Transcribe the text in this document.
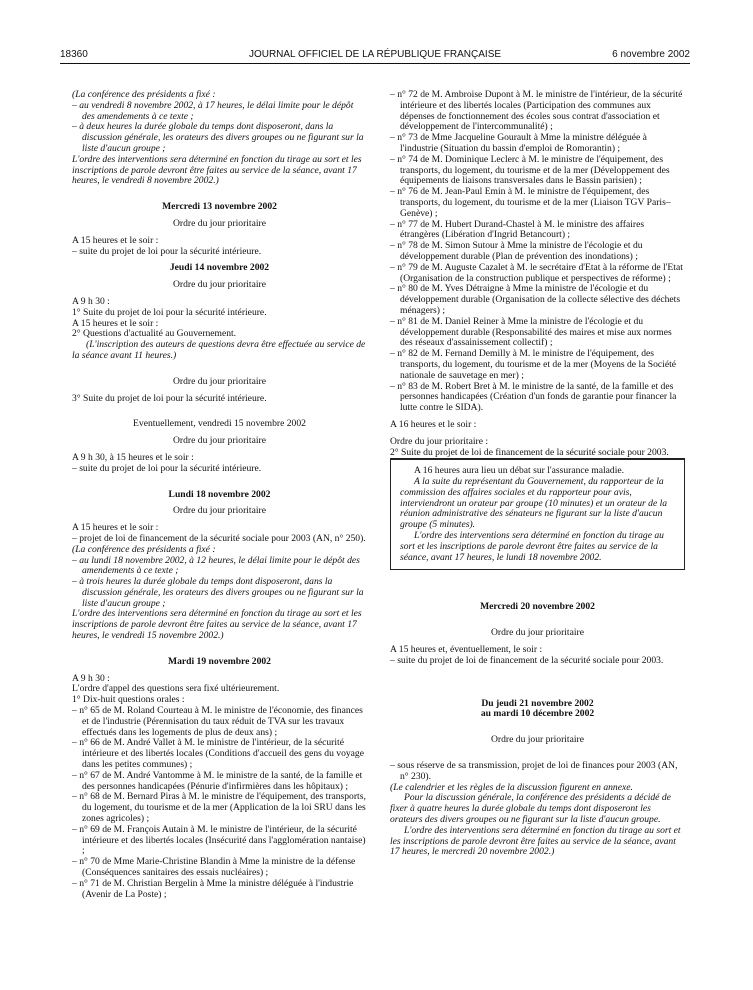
18360	JOURNAL OFFICIEL DE LA RÉPUBLIQUE FRANÇAISE	6 novembre 2002
(La conférence des présidents a fixé :
– au vendredi 8 novembre 2002, à 17 heures, le délai limite pour le dépôt des amendements à ce texte ;
– à deux heures la durée globale du temps dont disposeront, dans la discussion générale, les orateurs des divers groupes ou ne figurant sur la liste d'aucun groupe ;
L'ordre des interventions sera déterminé en fonction du tirage au sort et les inscriptions de parole devront être faites au service de la séance, avant 17 heures, le vendredi 8 novembre 2002.)
Mercredi 13 novembre 2002
Ordre du jour prioritaire
A 15 heures et le soir :
– suite du projet de loi pour la sécurité intérieure.
Jeudi 14 novembre 2002
Ordre du jour prioritaire
A 9 h 30 :
1° Suite du projet de loi pour la sécurité intérieure.
A 15 heures et le soir :
2° Questions d'actualité au Gouvernement.
(L'inscription des auteurs de questions devra être effectuée au service de la séance avant 11 heures.)
Ordre du jour prioritaire
3° Suite du projet de loi pour la sécurité intérieure.
Eventuellement, vendredi 15 novembre 2002
Ordre du jour prioritaire
A 9 h 30, à 15 heures et le soir :
– suite du projet de loi pour la sécurité intérieure.
Lundi 18 novembre 2002
Ordre du jour prioritaire
A 15 heures et le soir :
– projet de loi de financement de la sécurité sociale pour 2003 (AN, n° 250).
(La conférence des présidents a fixé :
– au lundi 18 novembre 2002, à 12 heures, le délai limite pour le dépôt des amendements à ce texte ;
– à trois heures la durée globale du temps dont disposeront, dans la discussion générale, les orateurs des divers groupes ou ne figurant sur la liste d'aucun groupe ;
L'ordre des interventions sera déterminé en fonction du tirage au sort et les inscriptions de parole devront être faites au service de la séance, avant 17 heures, le vendredi 15 novembre 2002.)
Mardi 19 novembre 2002
A 9 h 30 :
L'ordre d'appel des questions sera fixé ultérieurement.
1° Dix-huit questions orales :
– n° 65 de M. Roland Courteau à M. le ministre de l'économie, des finances et de l'industrie (Pérennisation du taux réduit de TVA sur les travaux effectués dans les logements de plus de deux ans) ;
– n° 66 de M. André Vallet à M. le ministre de l'intérieur, de la sécurité intérieure et des libertés locales (Conditions d'accueil des gens du voyage dans les petites communes) ;
– n° 67 de M. André Vantomme à M. le ministre de la santé, de la famille et des personnes handicapées (Pénurie d'infirmières dans les hôpitaux) ;
– n° 68 de M. Bernard Piras à M. le ministre de l'équipement, des transports, du logement, du tourisme et de la mer (Application de la loi SRU dans les zones agricoles) ;
– n° 69 de M. François Autain à M. le ministre de l'intérieur, de la sécurité intérieure et des libertés locales (Insécurité dans l'agglomération nantaise) ;
– n° 70 de Mme Marie-Christine Blandin à Mme la ministre de la défense (Conséquences sanitaires des essais nucléaires) ;
– n° 71 de M. Christian Bergelin à Mme la ministre déléguée à l'industrie (Avenir de La Poste) ;
– n° 72 de M. Ambroise Dupont à M. le ministre de l'intérieur, de la sécurité intérieure et des libertés locales (Participation des communes aux dépenses de fonctionnement des écoles sous contrat d'association et développement de l'intercommunalité) ;
– n° 73 de Mme Jacqueline Gourault à Mme la ministre déléguée à l'industrie (Situation du bassin d'emploi de Romorantin) ;
– n° 74 de M. Dominique Leclerc à M. le ministre de l'équipement, des transports, du logement, du tourisme et de la mer (Développement des équipements de liaisons transversales dans le Bassin parisien) ;
– n° 76 de M. Jean-Paul Emin à M. le ministre de l'équipement, des transports, du logement, du tourisme et de la mer (Liaison TGV Paris–Genève) ;
– n° 77 de M. Hubert Durand-Chastel à M. le ministre des affaires étrangères (Libération d'Ingrid Betancourt) ;
– n° 78 de M. Simon Sutour à Mme la ministre de l'écologie et du développement durable (Plan de prévention des inondations) ;
– n° 79 de M. Auguste Cazalet à M. le secrétaire d'Etat à la réforme de l'Etat (Organisation de la construction publique et perspectives de réforme) ;
– n° 80 de M. Yves Détraigne à Mme la ministre de l'écologie et du développement durable (Organisation de la collecte sélective des déchets ménagers) ;
– n° 81 de M. Daniel Reiner à Mme la ministre de l'écologie et du développement durable (Responsabilité des maires et mise aux normes des réseaux d'assainissement collectif) ;
– n° 82 de M. Fernand Demilly à M. le ministre de l'équipement, des transports, du logement, du tourisme et de la mer (Moyens de la Société nationale de sauvetage en mer) ;
– n° 83 de M. Robert Bret à M. le ministre de la santé, de la famille et des personnes handicapées (Création d'un fonds de garantie pour financer la lutte contre le SIDA).
A 16 heures et le soir :
Ordre du jour prioritaire :
2° Suite du projet de loi de financement de la sécurité sociale pour 2003.
A 16 heures aura lieu un débat sur l'assurance maladie.
A la suite du représentant du Gouvernement, du rapporteur de la commission des affaires sociales et du rapporteur pour avis, interviendront un orateur par groupe (10 minutes) et un orateur de la réunion administrative des sénateurs ne figurant sur la liste d'aucun groupe (5 minutes).
L'ordre des interventions sera déterminé en fonction du tirage au sort et les inscriptions de parole devront être faites au service de la séance, avant 17 heures, le lundi 18 novembre 2002.
Mercredi 20 novembre 2002
Ordre du jour prioritaire
A 15 heures et, éventuellement, le soir :
– suite du projet de loi de financement de la sécurité sociale pour 2003.
Du jeudi 21 novembre 2002
au mardi 10 décembre 2002
Ordre du jour prioritaire
– sous réserve de sa transmission, projet de loi de finances pour 2003 (AN, n° 230).
(Le calendrier et les règles de la discussion figurent en annexe.
Pour la discussion générale, la conférence des présidents a décidé de fixer à quatre heures la durée globale du temps dont disposeront les orateurs des divers groupes ou ne figurant sur la liste d'aucun groupe.
L'ordre des interventions sera déterminé en fonction du tirage au sort et les inscriptions de parole devront être faites au service de la séance, avant 17 heures, le mercredi 20 novembre 2002.)
